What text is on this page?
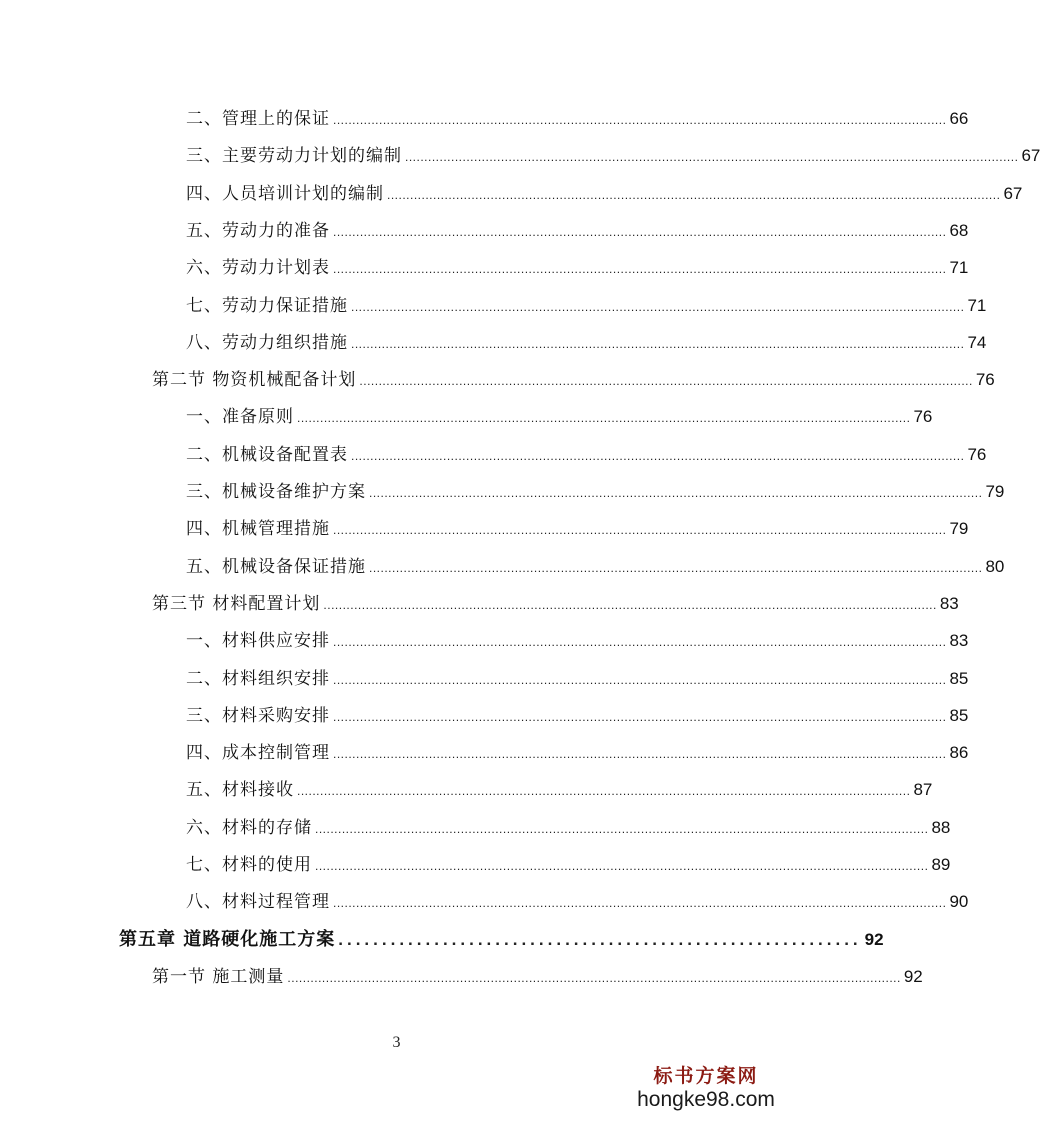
二、管理上的保证 ................................................................................................................................................................ 66
三、主要劳动力计划的编制 ................................................................................................................................................................ 67
四、人员培训计划的编制 ................................................................................................................................................................ 67
五、劳动力的准备 ................................................................................................................................................................ 68
六、劳动力计划表 ................................................................................................................................................................ 71
七、劳动力保证措施 ................................................................................................................................................................ 71
八、劳动力组织措施 ................................................................................................................................................................ 74
第二节 物资机械配备计划 ................................................................................................................................................................ 76
一、准备原则 ................................................................................................................................................................ 76
二、机械设备配置表 ................................................................................................................................................................ 76
三、机械设备维护方案 ................................................................................................................................................................ 79
四、机械管理措施 ................................................................................................................................................................ 79
五、机械设备保证措施 ................................................................................................................................................................ 80
第三节 材料配置计划 ................................................................................................................................................................ 83
一、材料供应安排 ................................................................................................................................................................ 83
二、材料组织安排 ................................................................................................................................................................ 85
三、材料采购安排 ................................................................................................................................................................ 85
四、成本控制管理 ................................................................................................................................................................ 86
五、材料接收 ................................................................................................................................................................ 87
六、材料的存储 ................................................................................................................................................................ 88
七、材料的使用 ................................................................................................................................................................ 89
八、材料过程管理 ................................................................................................................................................................ 90
第五章 道路硬化施工方案 ............................................................ 92
第一节 施工测量 ................................................................................................................................................................ 92
3
标书方案网
hongke98.com
